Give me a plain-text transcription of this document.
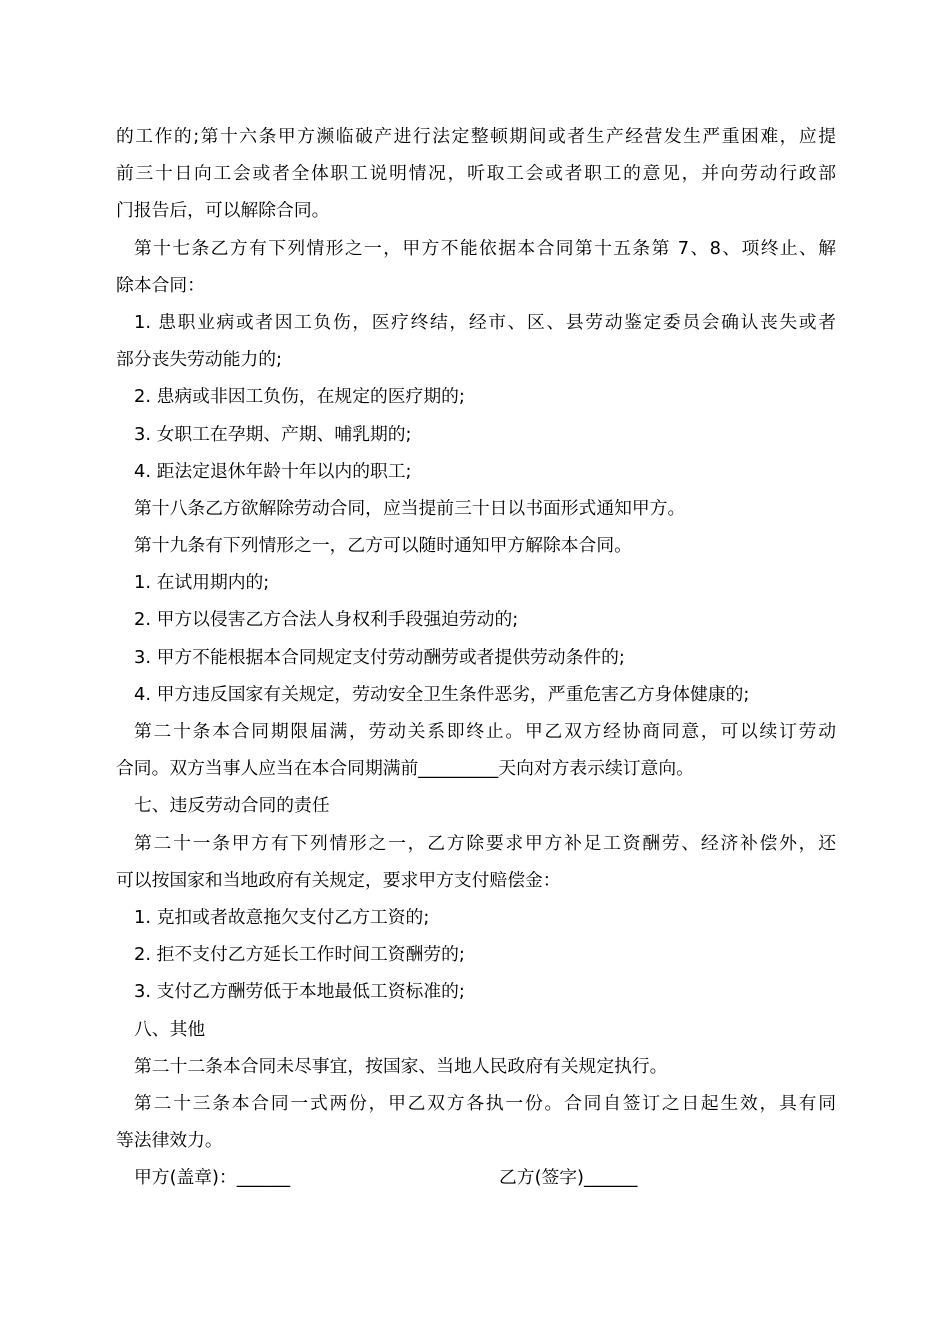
的工作的;第十六条甲方濒临破产进行法定整顿期间或者生产经营发生严重困难，应提
前三十日向工会或者全体职工说明情况，听取工会或者职工的意见，并向劳动行政部
门报告后，可以解除合同。
第十七条乙方有下列情形之一，甲方不能依据本合同第十五条第 7、8、项终止、解
除本合同：
1. 患职业病或者因工负伤，医疗终结，经市、区、县劳动鉴定委员会确认丧失或者
部分丧失劳动能力的;
2. 患病或非因工负伤，在规定的医疗期的;
3. 女职工在孕期、产期、哺乳期的;
4. 距法定退休年龄十年以内的职工;
第十八条乙方欲解除劳动合同，应当提前三十日以书面形式通知甲方。
第十九条有下列情形之一，乙方可以随时通知甲方解除本合同。
1. 在试用期内的;
2. 甲方以侵害乙方合法人身权利手段强迫劳动的;
3. 甲方不能根据本合同规定支付劳动酬劳或者提供劳动条件的;
4. 甲方违反国家有关规定，劳动安全卫生条件恶劣，严重危害乙方身体健康的;
第二十条本合同期限届满，劳动关系即终止。甲乙双方经协商同意，可以续订劳动
合同。双方当事人应当在本合同期满前_________天向对方表示续订意向。
七、违反劳动合同的责任
第二十一条甲方有下列情形之一，乙方除要求甲方补足工资酬劳、经济补偿外，还
可以按国家和当地政府有关规定，要求甲方支付赔偿金：
1. 克扣或者故意拖欠支付乙方工资的;
2. 拒不支付乙方延长工作时间工资酬劳的;
3. 支付乙方酬劳低于本地最低工资标准的;
八、其他
第二十二条本合同未尽事宜，按国家、当地人民政府有关规定执行。
第二十三条本合同一式两份，甲乙双方各执一份。合同自签订之日起生效，具有同
等法律效力。
甲方(盖章)：______	乙方(签字)______
